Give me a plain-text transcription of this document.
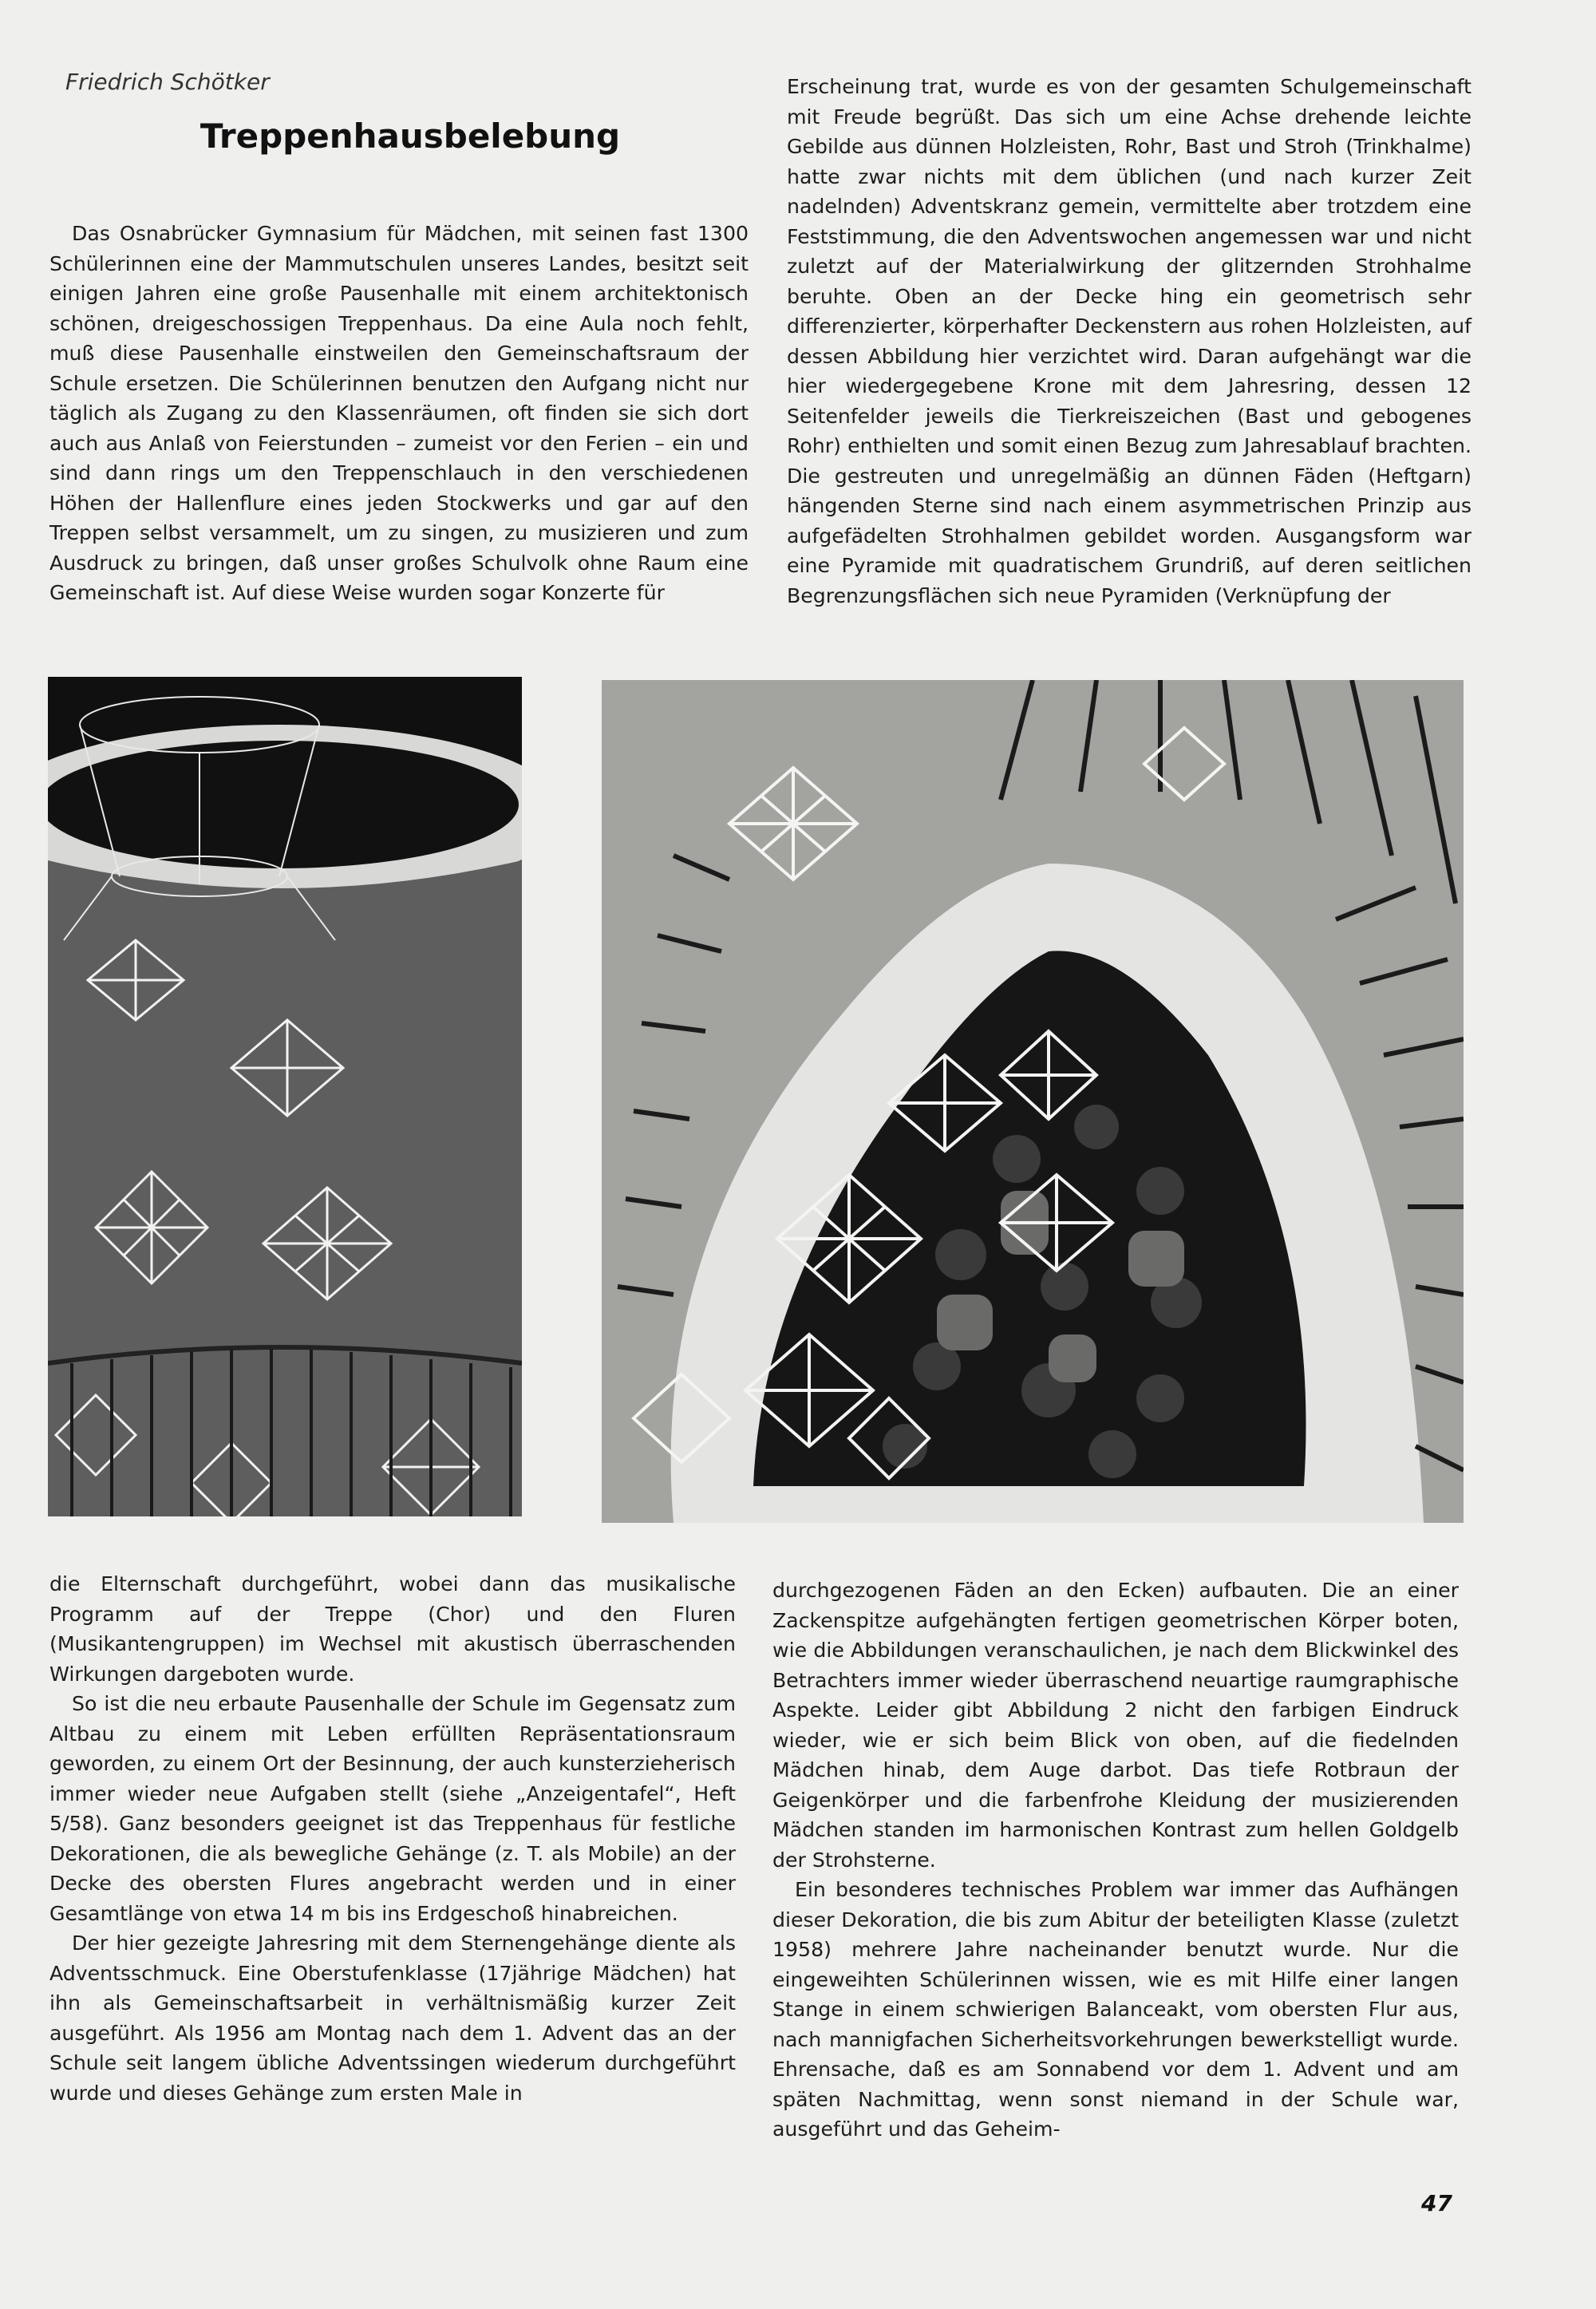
Friedrich Schötker
Treppenhausbelebung

Das Osnabrücker Gymnasium für Mädchen, mit seinen fast 1300 Schülerinnen eine der Mammutschulen unseres Landes, besitzt seit einigen Jahren eine große Pausenhalle mit einem architektonisch schönen, dreigeschossigen Treppenhaus. Da eine Aula noch fehlt, muß diese Pausenhalle einstweilen den Gemeinschaftsraum der Schule ersetzen. Die Schülerinnen benutzen den Aufgang nicht nur täglich als Zugang zu den Klassenräumen, oft finden sie sich dort auch aus Anlaß von Feierstunden – zumeist vor den Ferien – ein und sind dann rings um den Treppenschlauch in den verschiedenen Höhen der Hallenflure eines jeden Stockwerks und gar auf den Treppen selbst versammelt, um zu singen, zu musizieren und zum Ausdruck zu bringen, daß unser großes Schulvolk ohne Raum eine Gemeinschaft ist. Auf diese Weise wurden sogar Konzerte für

Erscheinung trat, wurde es von der gesamten Schulgemeinschaft mit Freude begrüßt. Das sich um eine Achse drehende leichte Gebilde aus dünnen Holzleisten, Rohr, Bast und Stroh (Trinkhalme) hatte zwar nichts mit dem üblichen (und nach kurzer Zeit nadelnden) Adventskranz gemein, vermittelte aber trotzdem eine Feststimmung, die den Adventswochen angemessen war und nicht zuletzt auf der Materialwirkung der glitzernden Strohhalme beruhte. Oben an der Decke hing ein geometrisch sehr differenzierter, körperhafter Deckenstern aus rohen Holzleisten, auf dessen Abbildung hier verzichtet wird. Daran aufgehängt war die hier wiedergegebene Krone mit dem Jahresring, dessen 12 Seitenfelder jeweils die Tierkreiszeichen (Bast und gebogenes Rohr) enthielten und somit einen Bezug zum Jahresablauf brachten. Die gestreuten und unregelmäßig an dünnen Fäden (Heftgarn) hängenden Sterne sind nach einem asymmetrischen Prinzip aus aufgefädelten Strohhalmen gebildet worden. Ausgangsform war eine Pyramide mit quadratischem Grundriß, auf deren seitlichen Begrenzungsflächen sich neue Pyramiden (Verknüpfung der

die Elternschaft durchgeführt, wobei dann das musikalische Programm auf der Treppe (Chor) und den Fluren (Musikantengruppen) im Wechsel mit akustisch überraschenden Wirkungen dargeboten wurde.

So ist die neu erbaute Pausenhalle der Schule im Gegensatz zum Altbau zu einem mit Leben erfüllten Repräsentationsraum geworden, zu einem Ort der Besinnung, der auch kunsterzieherisch immer wieder neue Aufgaben stellt (siehe „Anzeigentafel“, Heft 5/58). Ganz besonders geeignet ist das Treppenhaus für festliche Dekorationen, die als bewegliche Gehänge (z. T. als Mobile) an der Decke des obersten Flures angebracht werden und in einer Gesamtlänge von etwa 14 m bis ins Erdgeschoß hinabreichen.

Der hier gezeigte Jahresring mit dem Sternengehänge diente als Adventsschmuck. Eine Oberstufenklasse (17jährige Mädchen) hat ihn als Gemeinschaftsarbeit in verhältnismäßig kurzer Zeit ausgeführt. Als 1956 am Montag nach dem 1. Advent das an der Schule seit langem übliche Adventssingen wiederum durchgeführt wurde und dieses Gehänge zum ersten Male in

durchgezogenen Fäden an den Ecken) aufbauten. Die an einer Zackenspitze aufgehängten fertigen geometrischen Körper boten, wie die Abbildungen veranschaulichen, je nach dem Blickwinkel des Betrachters immer wieder überraschend neuartige raumgraphische Aspekte. Leider gibt Abbildung 2 nicht den farbigen Eindruck wieder, wie er sich beim Blick von oben, auf die fiedelnden Mädchen hinab, dem Auge darbot. Das tiefe Rotbraun der Geigenkörper und die farbenfrohe Kleidung der musizierenden Mädchen standen im harmonischen Kontrast zum hellen Goldgelb der Strohsterne.

Ein besonderes technisches Problem war immer das Aufhängen dieser Dekoration, die bis zum Abitur der beteiligten Klasse (zuletzt 1958) mehrere Jahre nacheinander benutzt wurde. Nur die eingeweihten Schülerinnen wissen, wie es mit Hilfe einer langen Stange in einem schwierigen Balanceakt, vom obersten Flur aus, nach mannigfachen Sicherheitsvorkehrungen bewerkstelligt wurde. Ehrensache, daß es am Sonnabend vor dem 1. Advent und am späten Nachmittag, wenn sonst niemand in der Schule war, ausgeführt und das Geheim-

47
